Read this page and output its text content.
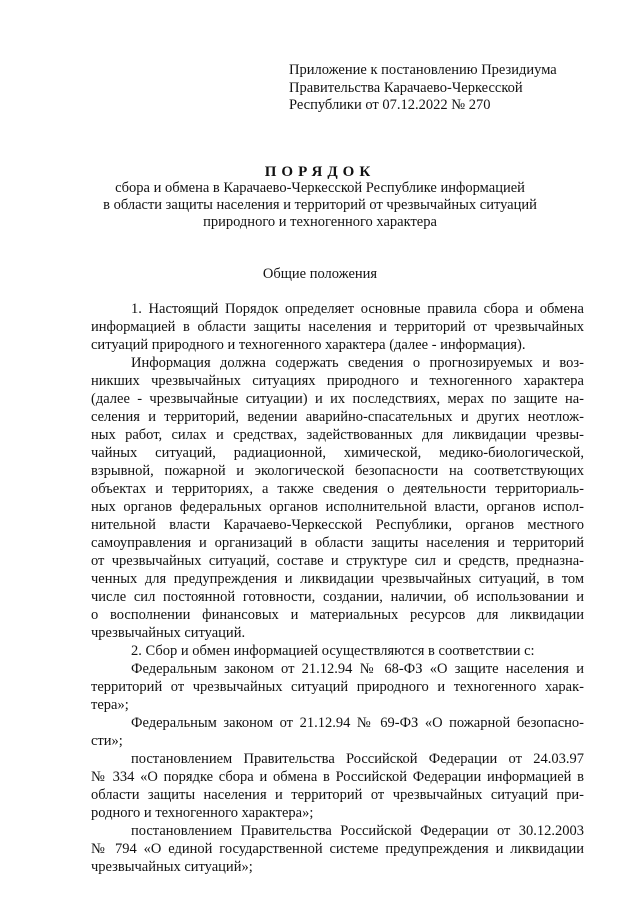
Приложение к постановлению Президиума
Правительства Карачаево-Черкесской
Республики от 07.12.2022 № 270
ПОРЯДОК
сбора и обмена в Карачаево-Черкесской Республике информацией
в области защиты населения и территорий от чрезвычайных ситуаций
природного и техногенного характера
Общие положения
1. Настоящий Порядок определяет основные правила сбора и обмена
информацией в области защиты населения и территорий от чрезвычайных
ситуаций природного и техногенного характера (далее - информация).
Информация должна содержать сведения о прогнозируемых и воз-
никших чрезвычайных ситуациях природного и техногенного характера
(далее - чрезвычайные ситуации) и их последствиях, мерах по защите на-
селения и территорий, ведении аварийно-спасательных и других неотлож-
ных работ, силах и средствах, задействованных для ликвидации чрезвы-
чайных ситуаций, радиационной, химической, медико-биологической,
взрывной, пожарной и экологической безопасности на соответствующих
объектах и территориях, а также сведения о деятельности территориаль-
ных органов федеральных органов исполнительной власти, органов испол-
нительной власти Карачаево-Черкесской Республики, органов местного
самоуправления и организаций в области защиты населения и территорий
от чрезвычайных ситуаций, составе и структуре сил и средств, предназна-
ченных для предупреждения и ликвидации чрезвычайных ситуаций, в том
числе сил постоянной готовности, создании, наличии, об использовании и
о восполнении финансовых и материальных ресурсов для ликвидации
чрезвычайных ситуаций.
2. Сбор и обмен информацией осуществляются в соответствии с:
Федеральным законом от 21.12.94 № 68-ФЗ «О защите населения и
территорий от чрезвычайных ситуаций природного и техногенного харак-
тера»;
Федеральным законом от 21.12.94 № 69-ФЗ «О пожарной безопасно-
сти»;
постановлением Правительства Российской Федерации от 24.03.97
№ 334 «О порядке сбора и обмена в Российской Федерации информацией в
области защиты населения и территорий от чрезвычайных ситуаций при-
родного и техногенного характера»;
постановлением Правительства Российской Федерации от 30.12.2003
№ 794 «О единой государственной системе предупреждения и ликвидации
чрезвычайных ситуаций»;
